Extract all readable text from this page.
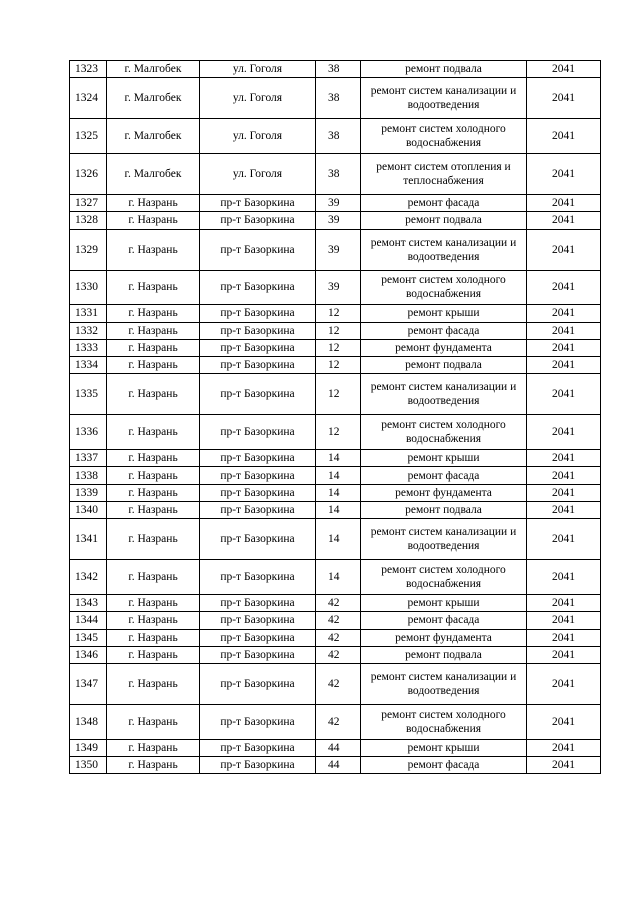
1323	г. Малгобек	ул. Гоголя	38	ремонт подвала	2041
1324	г. Малгобек	ул. Гоголя	38	ремонт систем канализации и водоотведения	2041
1325	г. Малгобек	ул. Гоголя	38	ремонт систем холодного водоснабжения	2041
1326	г. Малгобек	ул. Гоголя	38	ремонт систем отопления и теплоснабжения	2041
1327	г. Назрань	пр-т Базоркина	39	ремонт фасада	2041
1328	г. Назрань	пр-т Базоркина	39	ремонт подвала	2041
1329	г. Назрань	пр-т Базоркина	39	ремонт систем канализации и водоотведения	2041
1330	г. Назрань	пр-т Базоркина	39	ремонт систем холодного водоснабжения	2041
1331	г. Назрань	пр-т Базоркина	12	ремонт крыши	2041
1332	г. Назрань	пр-т Базоркина	12	ремонт фасада	2041
1333	г. Назрань	пр-т Базоркина	12	ремонт фундамента	2041
1334	г. Назрань	пр-т Базоркина	12	ремонт подвала	2041
1335	г. Назрань	пр-т Базоркина	12	ремонт систем канализации и водоотведения	2041
1336	г. Назрань	пр-т Базоркина	12	ремонт систем холодного водоснабжения	2041
1337	г. Назрань	пр-т Базоркина	14	ремонт крыши	2041
1338	г. Назрань	пр-т Базоркина	14	ремонт фасада	2041
1339	г. Назрань	пр-т Базоркина	14	ремонт фундамента	2041
1340	г. Назрань	пр-т Базоркина	14	ремонт подвала	2041
1341	г. Назрань	пр-т Базоркина	14	ремонт систем канализации и водоотведения	2041
1342	г. Назрань	пр-т Базоркина	14	ремонт систем холодного водоснабжения	2041
1343	г. Назрань	пр-т Базоркина	42	ремонт крыши	2041
1344	г. Назрань	пр-т Базоркина	42	ремонт фасада	2041
1345	г. Назрань	пр-т Базоркина	42	ремонт фундамента	2041
1346	г. Назрань	пр-т Базоркина	42	ремонт подвала	2041
1347	г. Назрань	пр-т Базоркина	42	ремонт систем канализации и водоотведения	2041
1348	г. Назрань	пр-т Базоркина	42	ремонт систем холодного водоснабжения	2041
1349	г. Назрань	пр-т Базоркина	44	ремонт крыши	2041
1350	г. Назрань	пр-т Базоркина	44	ремонт фасада	2041
